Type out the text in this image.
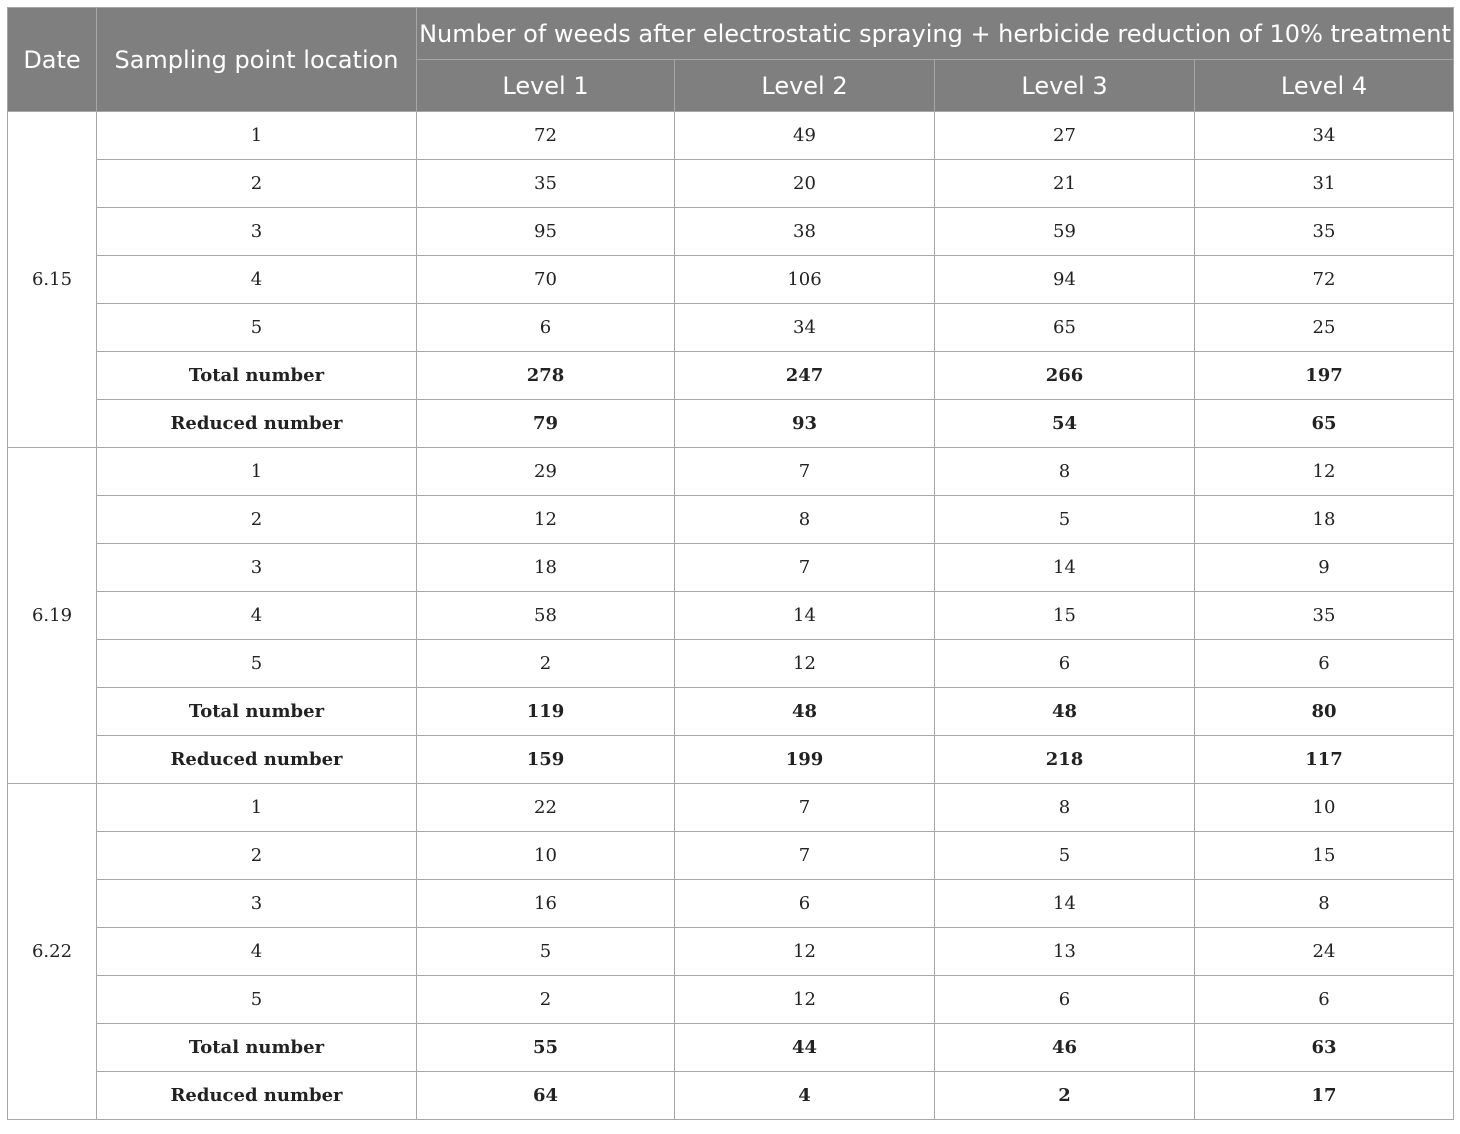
Date	Sampling point location	Number of weeds after electrostatic spraying + herbicide reduction of 10% treatment			
		Level 1	Level 2	Level 3	Level 4
6.15	1	72	49	27	34
	2	35	20	21	31
	3	95	38	59	35
	4	70	106	94	72
	5	6	34	65	25
	Total number	278	247	266	197
	Reduced number	79	93	54	65
6.19	1	29	7	8	12
	2	12	8	5	18
	3	18	7	14	9
	4	58	14	15	35
	5	2	12	6	6
	Total number	119	48	48	80
	Reduced number	159	199	218	117
6.22	1	22	7	8	10
	2	10	7	5	15
	3	16	6	14	8
	4	5	12	13	24
	5	2	12	6	6
	Total number	55	44	46	63
	Reduced number	64	4	2	17
